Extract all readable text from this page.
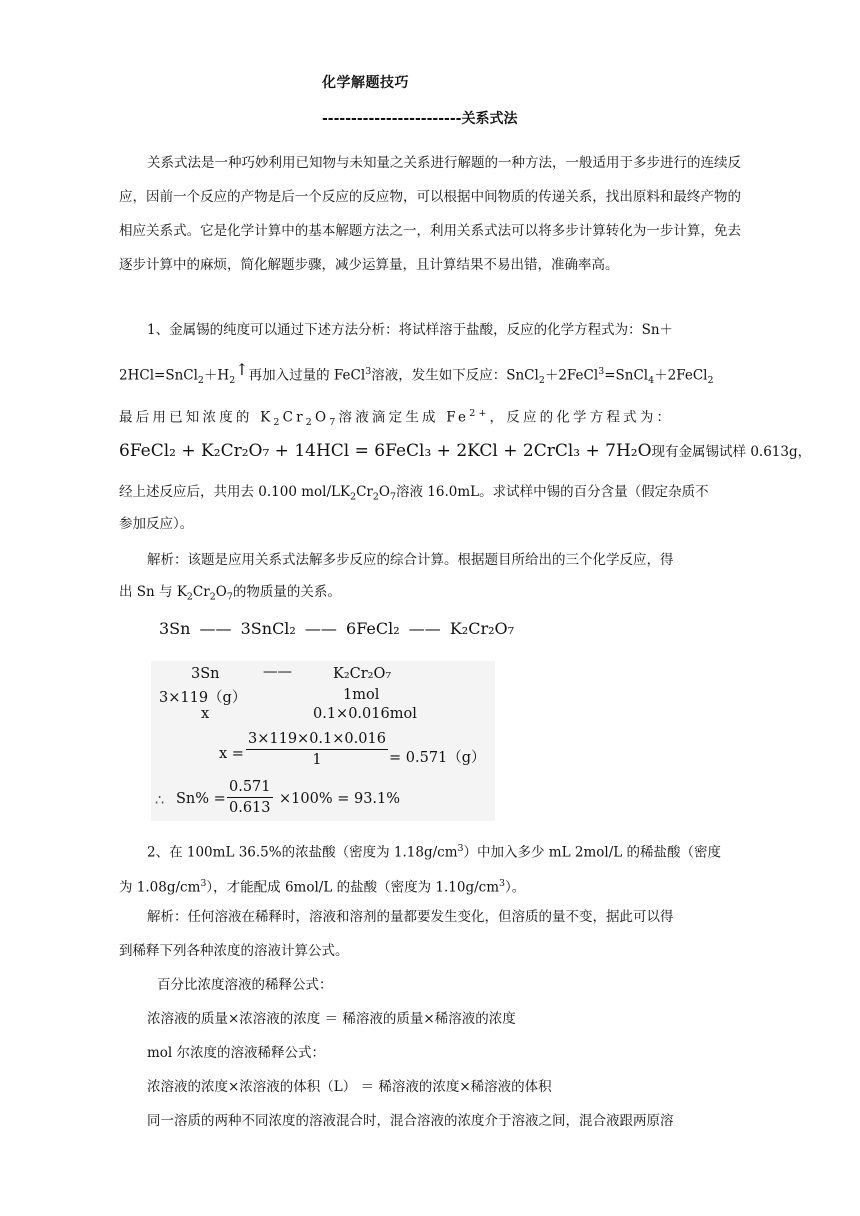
化学解题技巧
------------------------关系式法

关系式法是一种巧妙利用已知物与未知量之关系进行解题的一种方法，一般适用于多步进行的连续反应，因前一个反应的产物是后一个反应的反应物，可以根据中间物质的传递关系，找出原料和最终产物的相应关系式。它是化学计算中的基本解题方法之一，利用关系式法可以将多步计算转化为一步计算，免去逐步计算中的麻烦，简化解题步骤，减少运算量，且计算结果不易出错，准确率高。

1、金属锡的纯度可以通过下述方法分析：将试样溶于盐酸，反应的化学方程式为：Sn＋
$2HCl=SnCl_2+H_2↑$再加入过量的 FeCl$^3$溶液，发生如下反应：SnCl$_2$＋2FeCl$^3$=SnCl$_4$＋2FeCl$_2$
最后用已知浓度的 $K_2Cr_2O_7$溶液滴定生成 $Fe^{2+}$，反应的化学方程式为：
6FeCl₂ + K₂Cr₂O₇ + 14HCl = 6FeCl₃ + 2KCl + 2CrCl₃ + 7H₂O现有金属锡试样 0.613g，
经上述反应后，共用去 0.100 mol/$LK_2Cr_2O_7$溶液 16.0mL。求试样中锡的百分含量（假定杂质不
参加反应）。
解析：该题是应用关系式法解多步反应的综合计算。根据题目所给出的三个化学反应，得
出 Sn 与 $K_2Cr_2O_7$的物质量的关系。
3Sn —— 3SnCl₂ —— 6FeCl₂ —— K₂Cr₂O₇
3Sn	——	K₂Cr₂O₇
3×119（g）	1mol
x	0.1×0.016mol
$x = \frac{3\times 119\times 0.1\times 0.016}{1} = 0.571(g)$
∴ $Sn\% = \frac{0.571}{0.613} \times 100\% = 93.1\%$
2、在 100mL 36.5%的浓盐酸（密度为 $1.18g/cm^3$）中加入多少 mL 2mol/L 的稀盐酸（密度
为 $1.08g/cm^3$），才能配成 6mol/L 的盐酸（密度为 $1.10g/cm^3$）。
解析：任何溶液在稀释时，溶液和溶剂的量都要发生变化，但溶质的量不变，据此可以得
到稀释下列各种浓度的溶液计算公式。
百分比浓度溶液的稀释公式：
浓溶液的质量×浓溶液的浓度 ＝ 稀溶液的质量×稀溶液的浓度
mol 尔浓度的溶液稀释公式：
浓溶液的浓度×浓溶液的体积（L） ＝ 稀溶液的浓度×稀溶液的体积
同一溶质的两种不同浓度的溶液混合时，混合溶液的浓度介于溶液之间，混合液跟两原溶
